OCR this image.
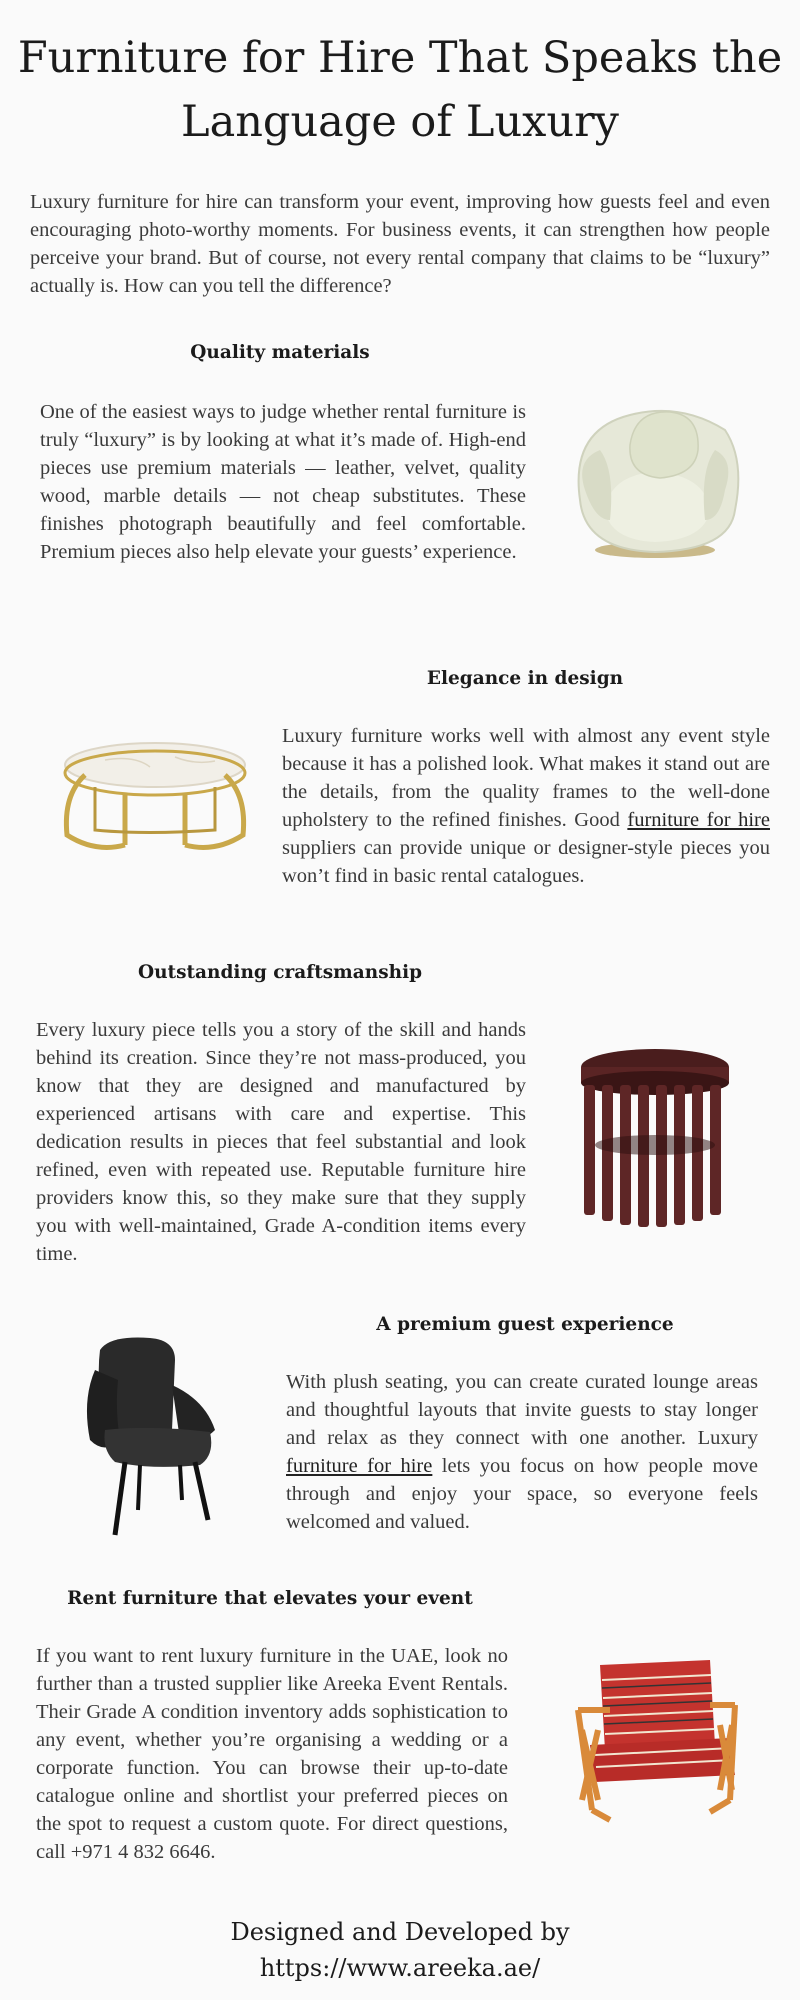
Furniture for Hire That Speaks the Language of Luxury

Luxury furniture for hire can transform your event, improving how guests feel and even encouraging photo-worthy moments. For business events, it can strengthen how people perceive your brand. But of course, not every rental company that claims to be “luxury” actually is. How can you tell the difference?

Quality materials

One of the easiest ways to judge whether rental furniture is truly “luxury” is by looking at what it’s made of. High-end pieces use premium materials — leather, velvet, quality wood, marble details — not cheap substitutes. These finishes photograph beautifully and feel comfortable. Premium pieces also help elevate your guests’ experience.

Elegance in design

Luxury furniture works well with almost any event style because it has a polished look. What makes it stand out are the details, from the quality frames to the well-done upholstery to the refined finishes. Good furniture for hire suppliers can provide unique or designer-style pieces you won’t find in basic rental catalogues.

Outstanding craftsmanship

Every luxury piece tells you a story of the skill and hands behind its creation. Since they’re not mass-produced, you know that they are designed and manufactured by experienced artisans with care and expertise. This dedication results in pieces that feel substantial and look refined, even with repeated use. Reputable furniture hire providers know this, so they make sure that they supply you with well-maintained, Grade A-condition items every time.

A premium guest experience

With plush seating, you can create curated lounge areas and thoughtful layouts that invite guests to stay longer and relax as they connect with one another. Luxury furniture for hire lets you focus on how people move through and enjoy your space, so everyone feels welcomed and valued.

Rent furniture that elevates your event

If you want to rent luxury furniture in the UAE, look no further than a trusted supplier like Areeka Event Rentals. Their Grade A condition inventory adds sophistication to any event, whether you’re organising a wedding or a corporate function. You can browse their up-to-date catalogue online and shortlist your preferred pieces on the spot to request a custom quote. For direct questions, call +971 4 832 6646.

Designed and Developed by
https://www.areeka.ae/
